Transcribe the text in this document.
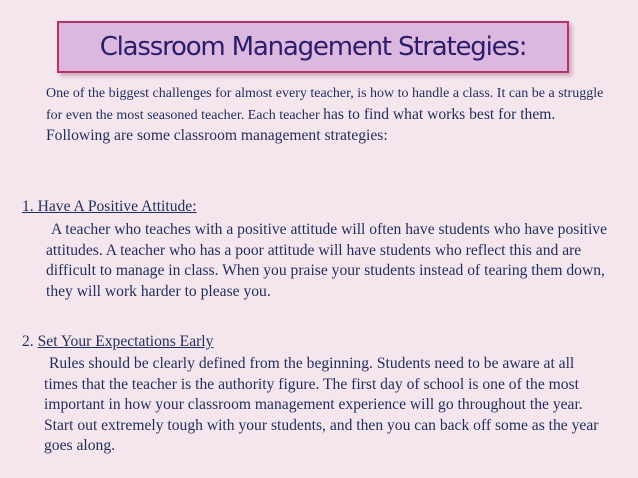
Classroom Management Strategies:
One of the biggest challenges for almost every teacher, is how to handle a class. It can be a struggle for even the most seasoned teacher. Each teacher has to find what works best for them. Following are some classroom management strategies:
1. Have A Positive Attitude:
A teacher who teaches with a positive attitude will often have students who have positive attitudes. A teacher who has a poor attitude will have students who reflect this and are difficult to manage in class. When you praise your students instead of tearing them down, they will work harder to please you.
2. Set Your Expectations Early
Rules should be clearly defined from the beginning. Students need to be aware at all times that the teacher is the authority figure. The first day of school is one of the most important in how your classroom management experience will go throughout the year. Start out extremely tough with your students, and then you can back off some as the year goes along.
